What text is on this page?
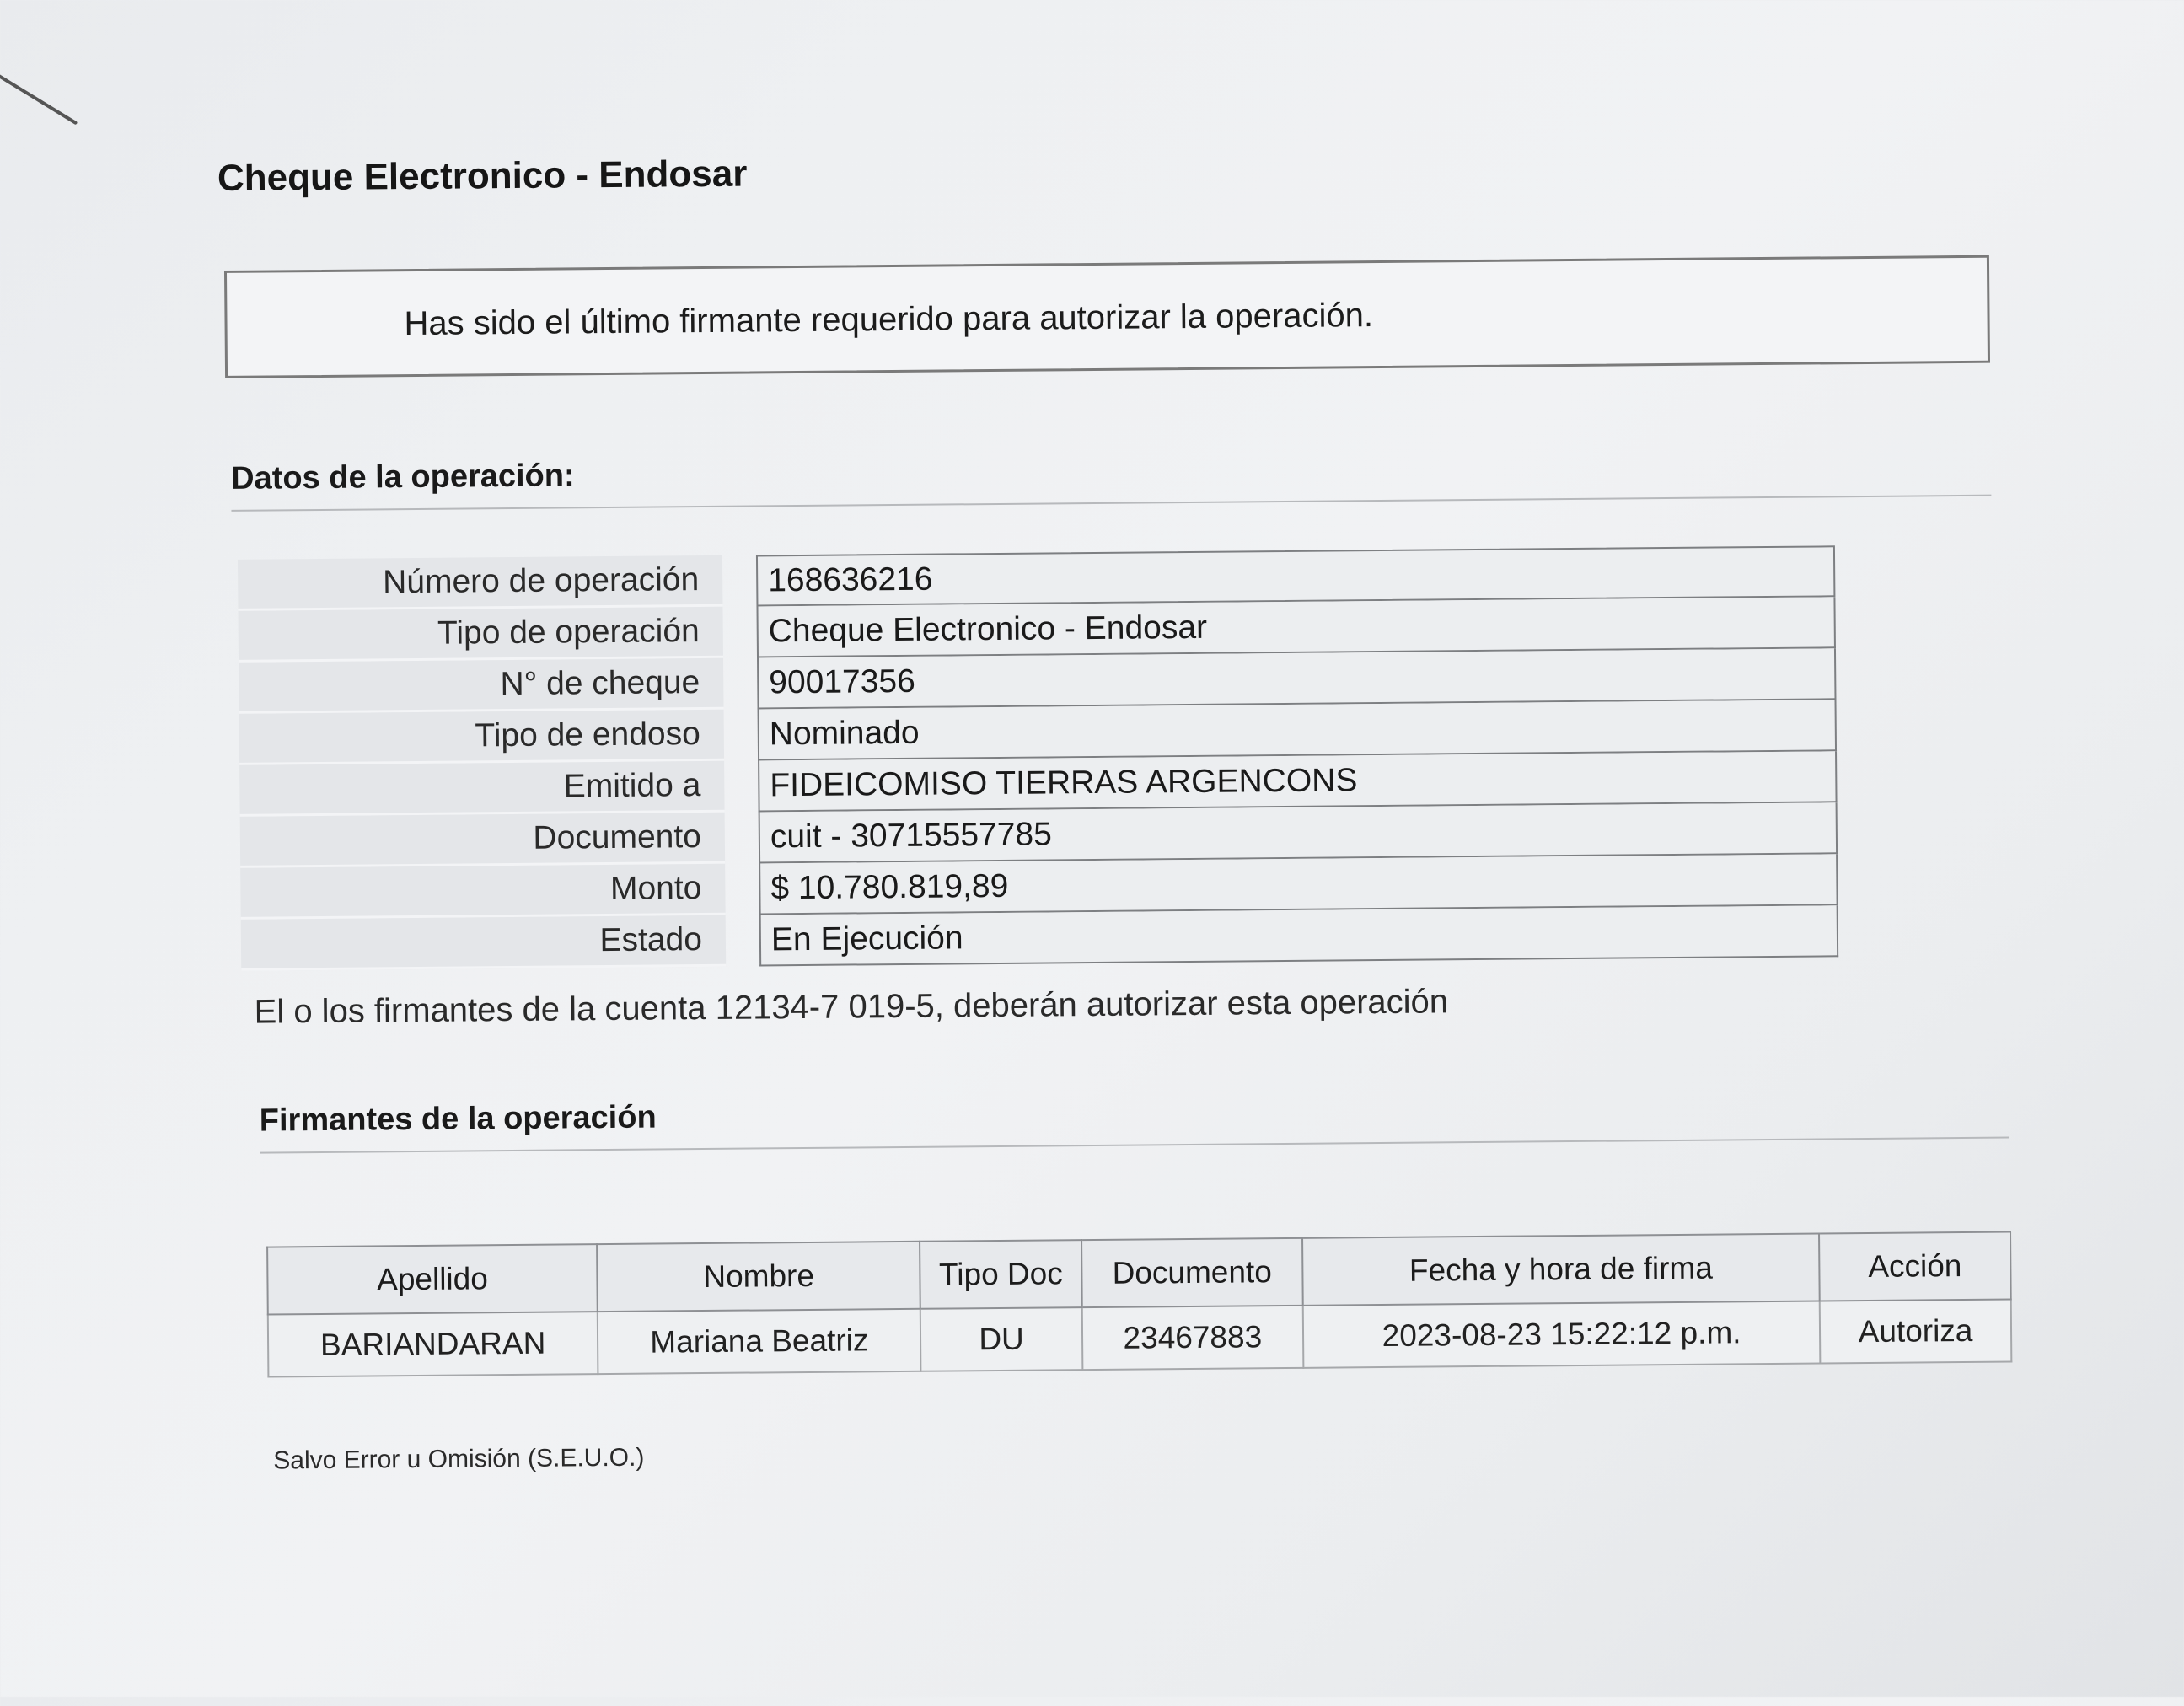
Cheque Electronico - Endosar
Has sido el último firmante requerido para autorizar la operación.
Datos de la operación:
Número de operación		168636216
Tipo de operación		Cheque Electronico - Endosar
N° de cheque		90017356
Tipo de endoso		Nominado
Emitido a		FIDEICOMISO TIERRAS ARGENCONS
Documento		cuit - 30715557785
Monto		$ 10.780.819,89
Estado		En Ejecución
El o los firmantes de la cuenta 12134-7 019-5, deberán autorizar esta operación
Firmantes de la operación
Apellido	Nombre	Tipo Doc	Documento	Fecha y hora de firma	Acción
BARIANDARAN	Mariana Beatriz	DU	23467883	2023-08-23 15:22:12 p.m.	Autoriza
Salvo Error u Omisión (S.E.U.O.)
